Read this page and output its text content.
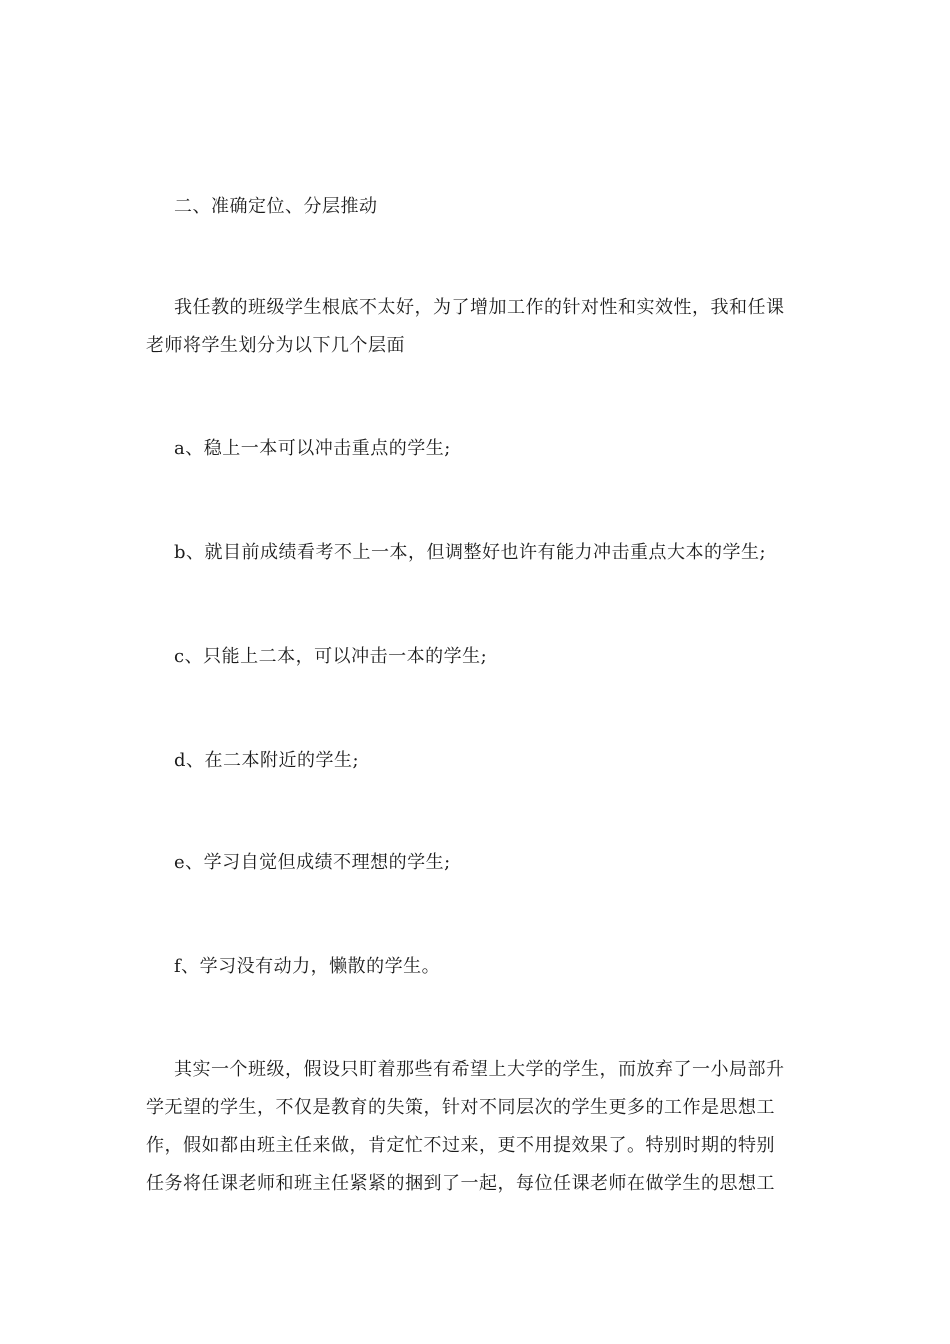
二、准确定位、分层推动
我任教的班级学生根底不太好，为了增加工作的针对性和实效性，我和任课
老师将学生划分为以下几个层面
a、稳上一本可以冲击重点的学生;
b、就目前成绩看考不上一本，但调整好也许有能力冲击重点大本的学生;
c、只能上二本，可以冲击一本的学生;
d、在二本附近的学生;
e、学习自觉但成绩不理想的学生;
f、学习没有动力，懒散的学生。
其实一个班级，假设只盯着那些有希望上大学的学生，而放弃了一小局部升
学无望的学生，不仅是教育的失策，针对不同层次的学生更多的工作是思想工
作，假如都由班主任来做，肯定忙不过来，更不用提效果了。特别时期的特别
任务将任课老师和班主任紧紧的捆到了一起，每位任课老师在做学生的思想工
